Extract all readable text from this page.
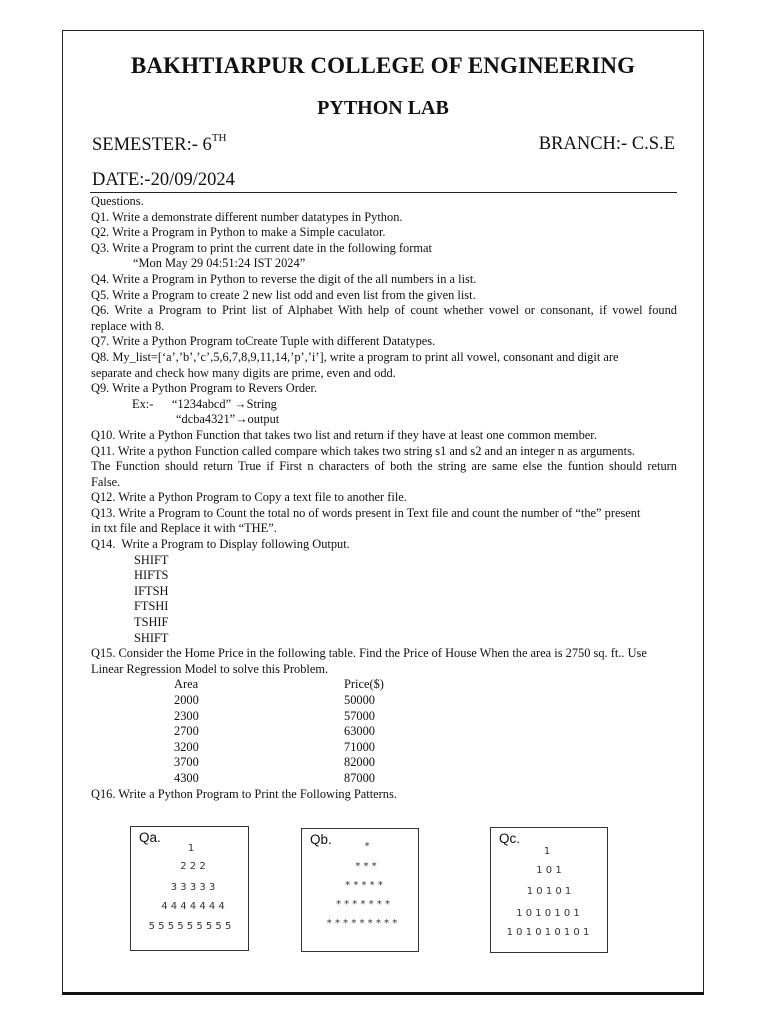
BAKHTIARPUR COLLEGE OF ENGINEERING
PYTHON LAB
SEMESTER:- 6TH	BRANCH:- C.S.E
DATE:-20/09/2024
Questions.
Q1. Write a demonstrate different number datatypes in Python.
Q2. Write a Program in Python to make a Simple caculator.
Q3. Write a Program to print the current date in the following format
“Mon May 29 04:51:24 IST 2024”
Q4. Write a Program in Python to reverse the digit of the all numbers in a list.
Q5. Write a Program to create 2 new list odd and even list from the given list.
Q6. Write a Program to Print list of Alphabet With help of count whether vowel or consonant, if vowel found
replace with 8.
Q7. Write a Python Program toCreate Tuple with different Datatypes.
Q8. My_list=[‘a’,’b’,’c’,5,6,7,8,9,11,14,’p’,’i’], write a program to print all vowel, consonant and digit are
separate and check how many digits are prime, even and odd.
Q9. Write a Python Program to Revers Order.
Ex:-      “1234abcd” →String
“dcba4321”→output
Q10. Write a Python Function that takes two list and return if they have at least one common member.
Q11. Write a python Function called compare which takes two string s1 and s2 and an integer n as arguments.
The Function should return True if First n characters of both the string are same else the funtion should return
False.
Q12. Write a Python Program to Copy a text file to another file.
Q13. Write a Program to Count the total no of words present in Text file and count the number of “the” present
in txt file and Replace it with “THE”.
Q14.  Write a Program to Display following Output.
SHIFT
HIFTS
IFTSH
FTSHI
TSHIF
SHIFT
Q15. Consider the Home Price in the following table. Find the Price of House When the area is 2750 sq. ft.. Use
Linear Regression Model to solve this Problem.
Area	Price($)
2000	50000
2300	57000
2700	63000
3200	71000
3700	82000
4300	87000
Q16. Write a Python Program to Print the Following Patterns.
Qa.
1
2 2 2
3 3 3 3 3
4 4 4 4 4 4 4
5 5 5 5 5 5 5 5 5
Qb.	*
* * *
* * * * *
* * * * * * *
* * * * * * * * *
Qc.
1
1 0 1
1 0 1 0 1
1 0 1 0 1 0 1
1 0 1 0 1 0 1 0 1
